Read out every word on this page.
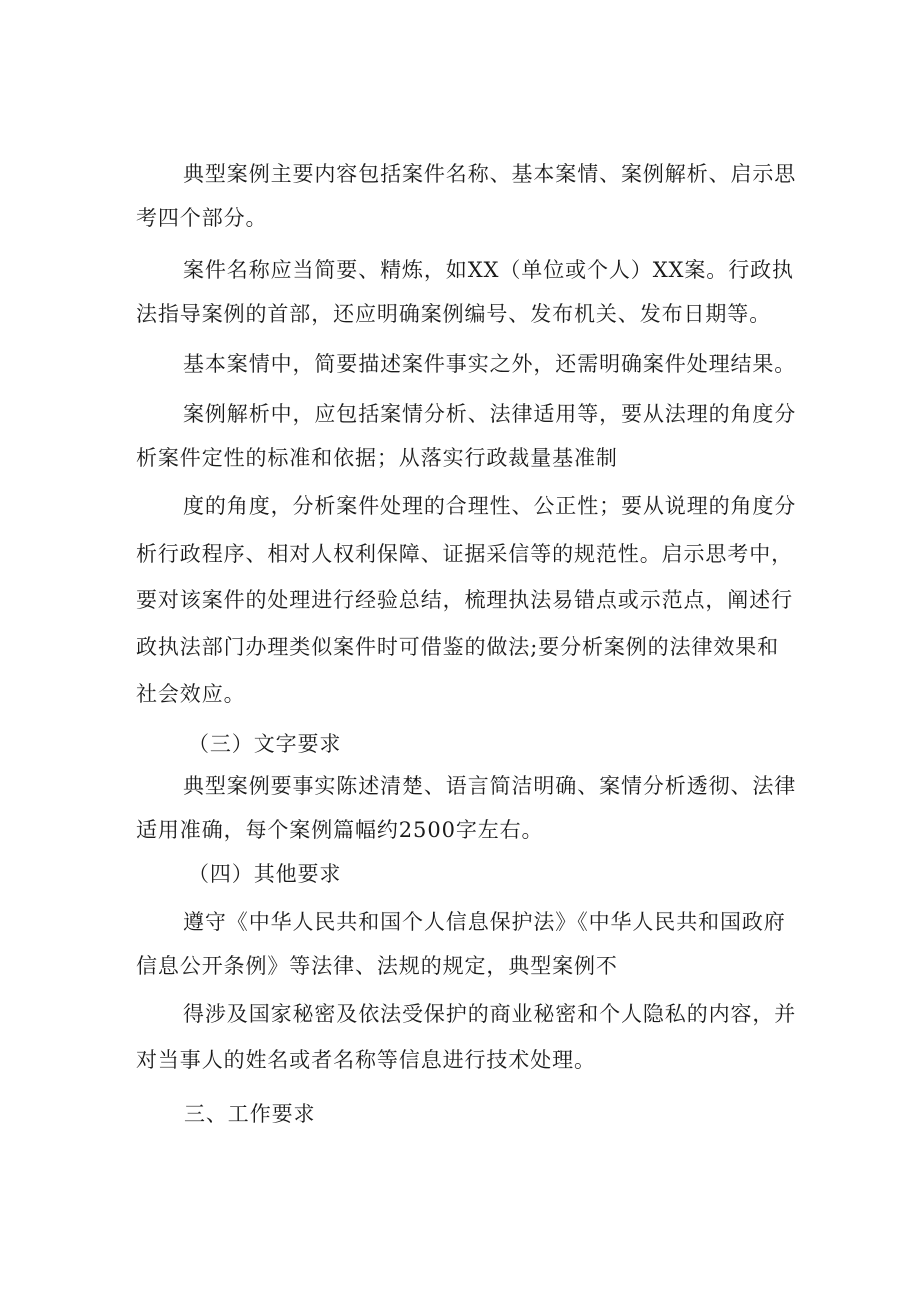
典型案例主要内容包括案件名称、基本案情、案例解析、启示思
考四个部分。
案件名称应当简要、精炼，如XX（单位或个人）XX案。行政执
法指导案例的首部，还应明确案例编号、发布机关、发布日期等。
基本案情中，简要描述案件事实之外，还需明确案件处理结果。
案例解析中，应包括案情分析、法律适用等，要从法理的角度分
析案件定性的标准和依据；从落实行政裁量基准制
度的角度，分析案件处理的合理性、公正性；要从说理的角度分
析行政程序、相对人权利保障、证据采信等的规范性。启示思考中，
要对该案件的处理进行经验总结，梳理执法易错点或示范点，阐述行
政执法部门办理类似案件时可借鉴的做法;要分析案例的法律效果和
社会效应。
（三）文字要求
典型案例要事实陈述清楚、语言简洁明确、案情分析透彻、法律
适用准确，每个案例篇幅约2500字左右。
（四）其他要求
遵守《中华人民共和国个人信息保护法》《中华人民共和国政府
信息公开条例》等法律、法规的规定，典型案例不
得涉及国家秘密及依法受保护的商业秘密和个人隐私的内容，并
对当事人的姓名或者名称等信息进行技术处理。
三、工作要求
